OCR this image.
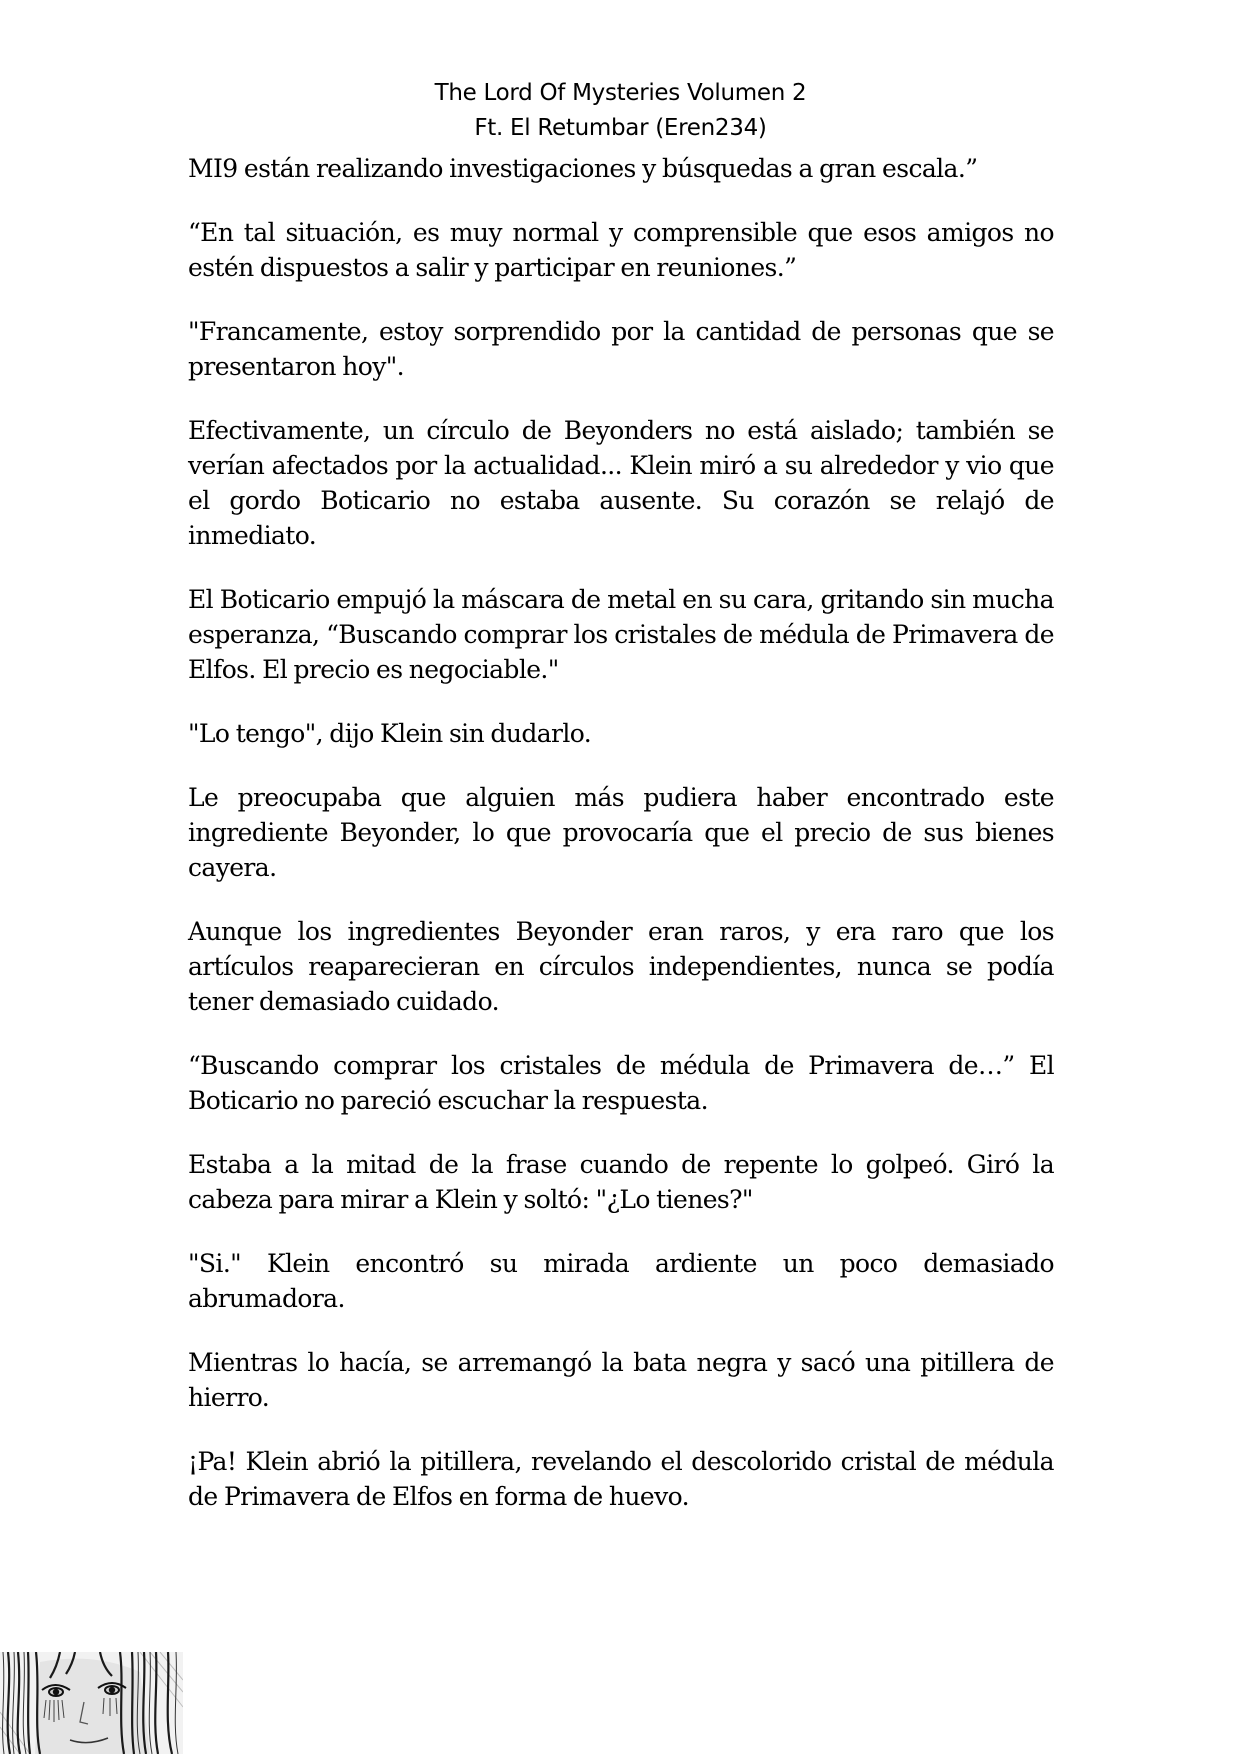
The Lord Of Mysteries Volumen 2
Ft. El Retumbar (Eren234)

MI9 están realizando investigaciones y búsquedas a gran escala.”

“En tal situación, es muy normal y comprensible que esos amigos no estén dispuestos a salir y participar en reuniones.”

"Francamente, estoy sorprendido por la cantidad de personas que se presentaron hoy".

Efectivamente, un círculo de Beyonders no está aislado; también se verían afectados por la actualidad... Klein miró a su alrededor y vio que el gordo Boticario no estaba ausente. Su corazón se relajó de inmediato.

El Boticario empujó la máscara de metal en su cara, gritando sin mucha esperanza, “Buscando comprar los cristales de médula de Primavera de Elfos. El precio es negociable."

"Lo tengo", dijo Klein sin dudarlo.

Le preocupaba que alguien más pudiera haber encontrado este ingrediente Beyonder, lo que provocaría que el precio de sus bienes cayera.

Aunque los ingredientes Beyonder eran raros, y era raro que los artículos reaparecieran en círculos independientes, nunca se podía tener demasiado cuidado.

“Buscando comprar los cristales de médula de Primavera de…” El Boticario no pareció escuchar la respuesta.

Estaba a la mitad de la frase cuando de repente lo golpeó. Giró la cabeza para mirar a Klein y soltó: "¿Lo tienes?"

"Si." Klein encontró su mirada ardiente un poco demasiado abrumadora.

Mientras lo hacía, se arremangó la bata negra y sacó una pitillera de hierro.

¡Pa! Klein abrió la pitillera, revelando el descolorido cristal de médula de Primavera de Elfos en forma de huevo.
